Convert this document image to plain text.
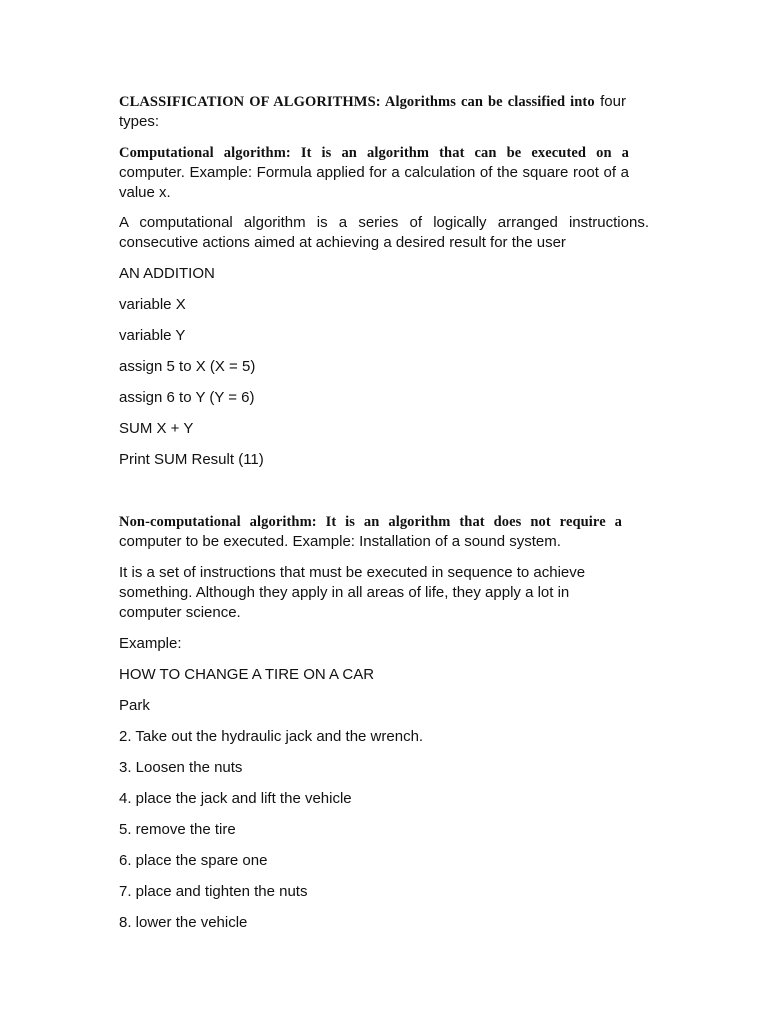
CLASSIFICATION OF ALGORITHMS: Algorithms can be classified into four types:

Computational algorithm: It is an algorithm that can be executed on a computer. Example: Formula applied for a calculation of the square root of a value x.

A computational algorithm is a series of logically arranged instructions. consecutive actions aimed at achieving a desired result for the user

AN ADDITION

variable X

variable Y

assign 5 to X (X = 5)

assign 6 to Y (Y = 6)

SUM X + Y

Print SUM Result (11)

Non-computational algorithm: It is an algorithm that does not require a computer to be executed. Example: Installation of a sound system.

It is a set of instructions that must be executed in sequence to achieve something. Although they apply in all areas of life, they apply a lot in computer science.

Example:

HOW TO CHANGE A TIRE ON A CAR

Park

2. Take out the hydraulic jack and the wrench.

3. Loosen the nuts

4. place the jack and lift the vehicle

5. remove the tire

6. place the spare one

7. place and tighten the nuts

8. lower the vehicle
